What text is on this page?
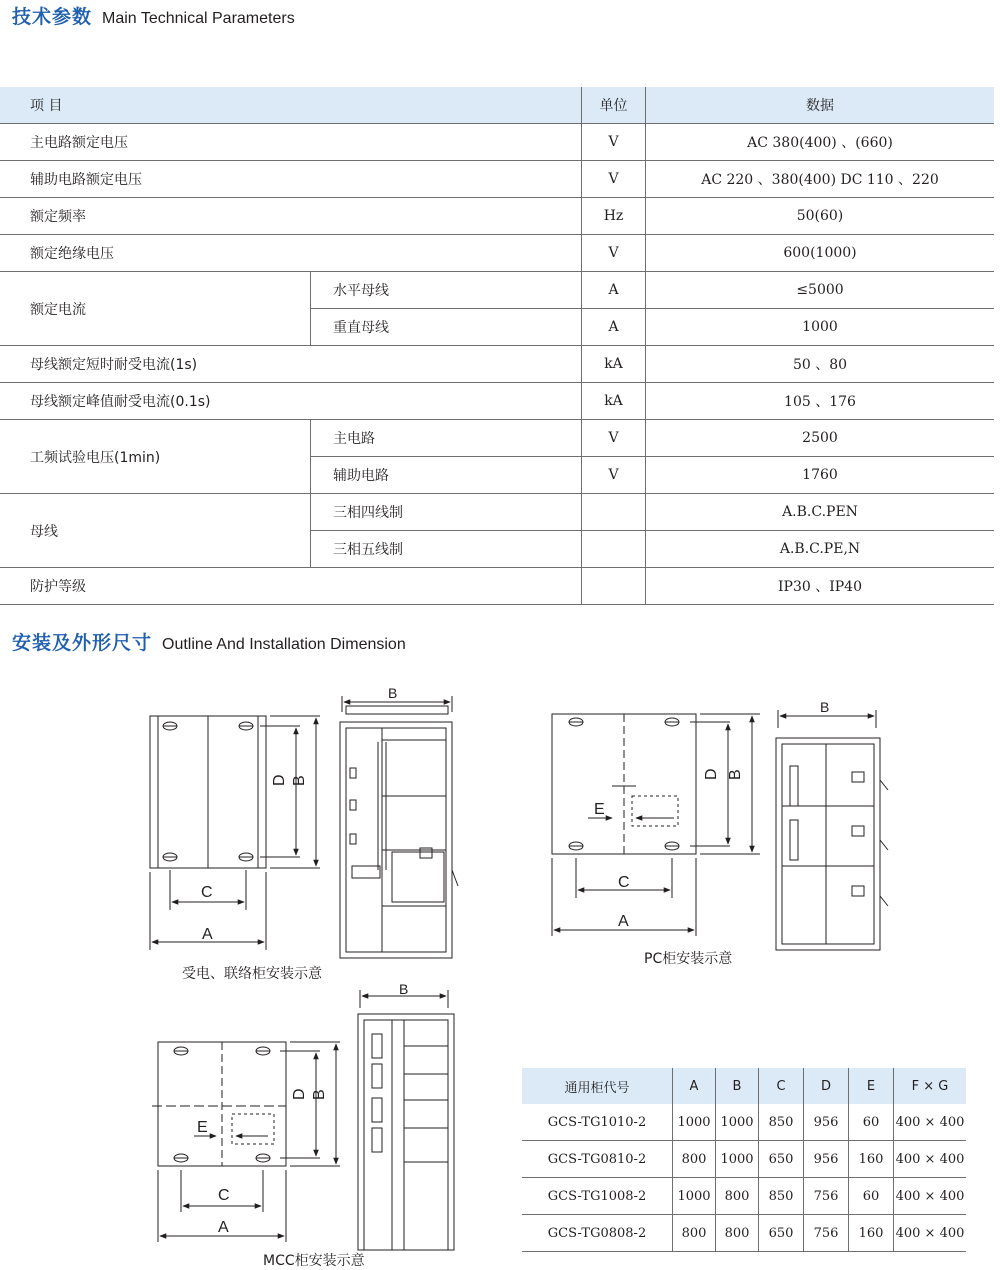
技术参数 Main Technical Parameters
项 目		单位	数据
主电路额定电压		V	AC 380(400) 、(660)
辅助电路额定电压		V	AC 220 、380(400) DC 110 、220
额定频率		Hz	50(60)
额定绝缘电压		V	600(1000)
额定电流	水平母线	A	≤5000
	重直母线	A	1000
母线额定短时耐受电流(1s)		kA	50 、80
母线额定峰值耐受电流(0.1s)		kA	105 、176
工频试验电压(1min)	主电路	V	2500
	辅助电路	V	1760
母线	三相四线制		A.B.C.PEN
	三相五线制		A.B.C.PE,N
防护等级			IP30 、IP40
安装及外形尺寸 Outline And Installation Dimension
C
A
D B
B
C
A
E
D B
B
C
A
E
D B
B
受电、联络柜安装示意
PC柜安装示意
MCC柜安装示意
通用柜代号	A	B	C	D	E	F × G
GCS-TG1010-2	1000	1000	850	956	60	400 × 400
GCS-TG0810-2	800	1000	650	956	160	400 × 400
GCS-TG1008-2	1000	800	850	756	60	400 × 400
GCS-TG0808-2	800	800	650	756	160	400 × 400
